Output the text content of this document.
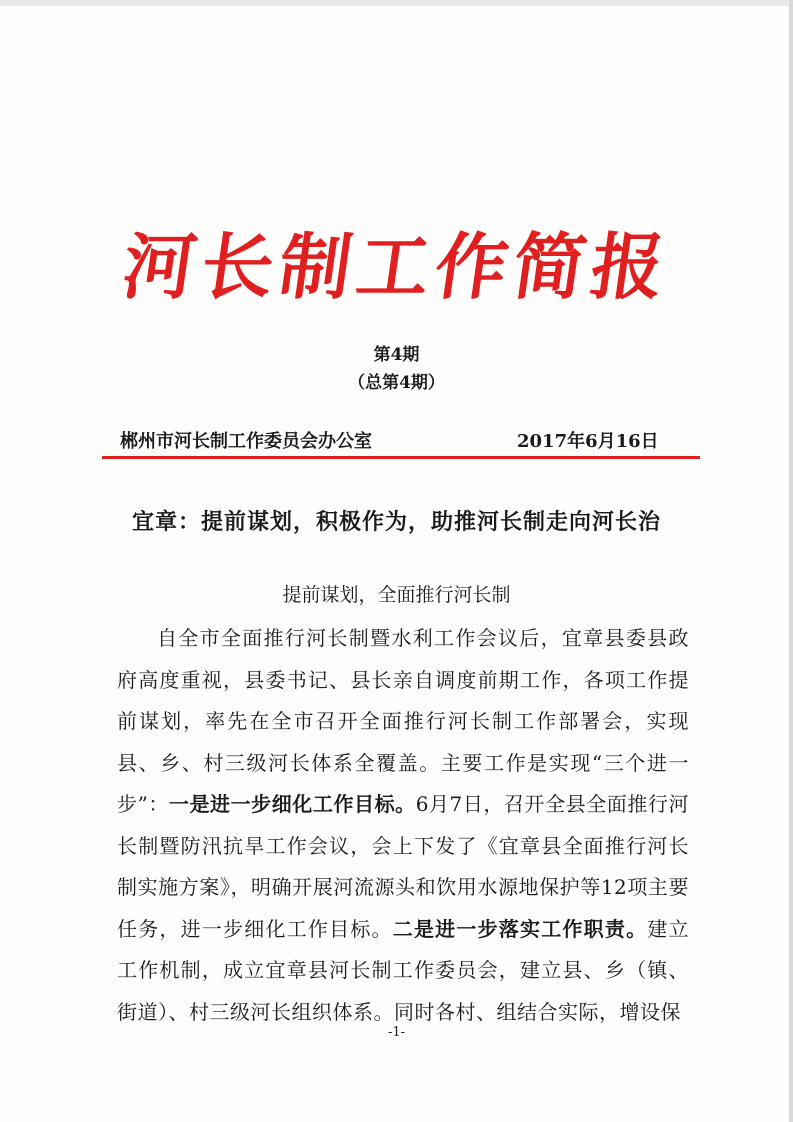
河长制工作简报
第4期
（总第4期）
郴州市河长制工作委员会办公室	2017年6月16日
宜章：提前谋划，积极作为，助推河长制走向河长治
提前谋划，全面推行河长制

自全市全面推行河长制暨水利工作会议后，宜章县委县政府高度重视，县委书记、县长亲自调度前期工作，各项工作提前谋划，率先在全市召开全面推行河长制工作部署会，实现县、乡、村三级河长体系全覆盖。主要工作是实现“三个进一步”：一是进一步细化工作目标。6月7日，召开全县全面推行河长制暨防汛抗旱工作会议，会上下发了《宜章县全面推行河长制实施方案》，明确开展河流源头和饮用水源地保护等12项主要任务，进一步细化工作目标。二是进一步落实工作职责。建立工作机制，成立宜章县河长制工作委员会，建立县、乡（镇、街道）、村三级河长组织体系。同时各村、组结合实际，增设保

-1-
